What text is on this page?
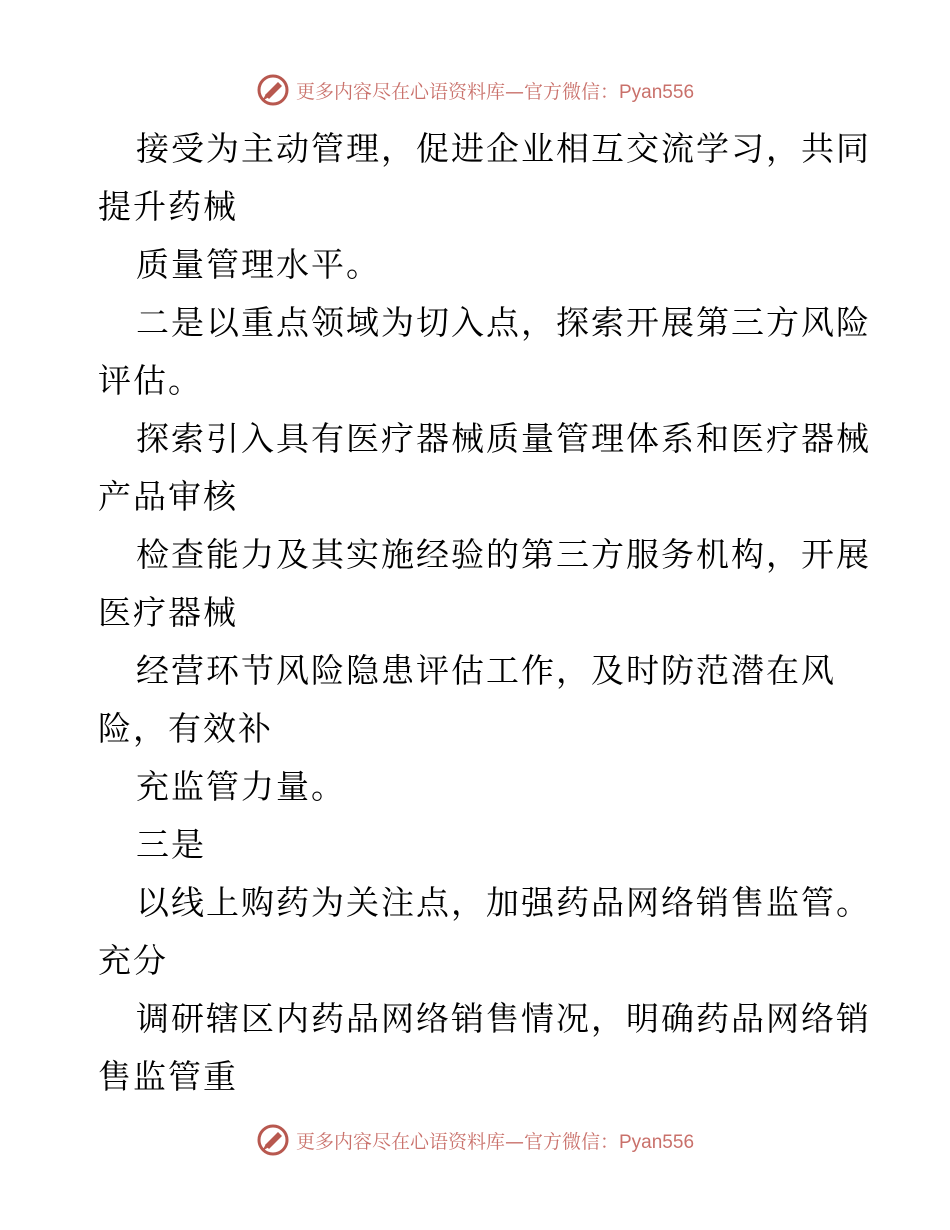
更多内容尽在心语资料库—官方微信：Pyan556
接受为主动管理，促进企业相互交流学习，共同
提升药械
质量管理水平。
二是以重点领域为切入点，探索开展第三方风险
评估。
探索引入具有医疗器械质量管理体系和医疗器械
产品审核
检查能力及其实施经验的第三方服务机构，开展
医疗器械
经营环节风险隐患评估工作，及时防范潜在风
险，有效补
充监管力量。
三是
以线上购药为关注点，加强药品网络销售监管。
充分
调研辖区内药品网络销售情况，明确药品网络销
售监管重
更多内容尽在心语资料库—官方微信：Pyan556
